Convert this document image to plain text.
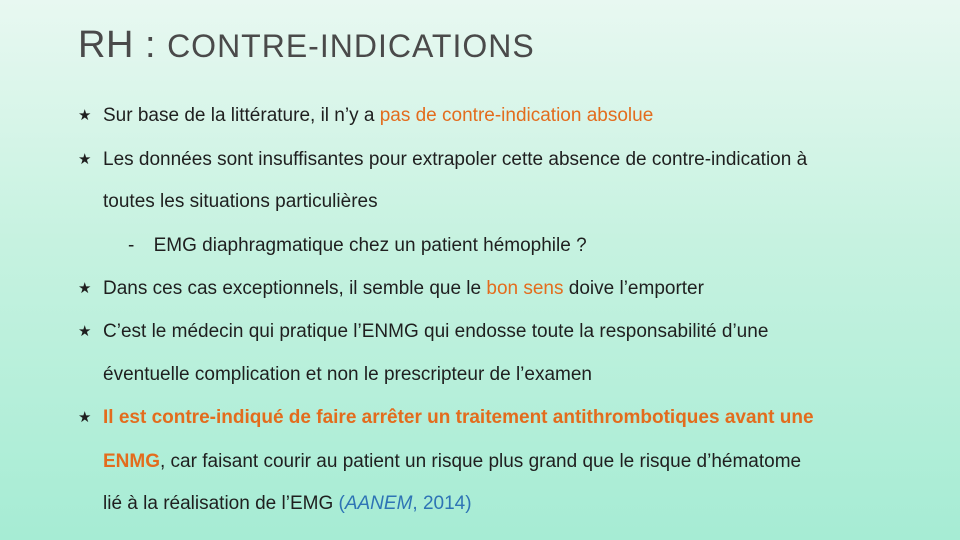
RH : CONTRE-INDICATIONS
★ Sur base de la littérature, il n’y a pas de contre-indication absolue
★ Les données sont insuffisantes pour extrapoler cette absence de contre-indication à
toutes les situations particulières
- EMG diaphragmatique chez un patient hémophile ?
★ Dans ces cas exceptionnels, il semble que le bon sens doive l’emporter
★ C’est le médecin qui pratique l’ENMG qui endosse toute la responsabilité d’une
éventuelle complication et non le prescripteur de l’examen
★ Il est contre-indiqué de faire arrêter un traitement antithrombotiques avant une
ENMG, car faisant courir au patient un risque plus grand que le risque d’hématome
lié à la réalisation de l’EMG (AANEM, 2014)
